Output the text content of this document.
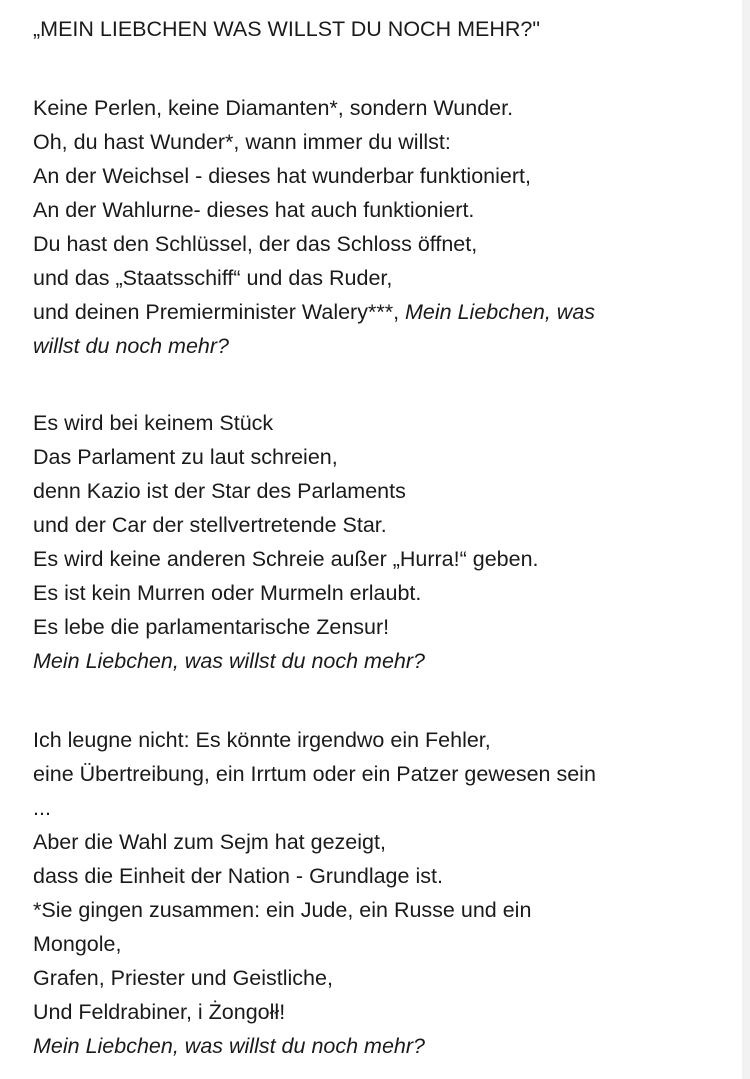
„MEIN LIEBCHEN WAS WILLST DU NOCH MEHR?"
Keine Perlen, keine Diamanten*, sondern Wunder.
Oh, du hast Wunder*, wann immer du willst:
An der Weichsel - dieses hat wunderbar funktioniert,
An der Wahlurne- dieses hat auch funktioniert.
Du hast den Schlüssel, der das Schloss öffnet,
und das „Staatsschiff“ und das Ruder,
und deinen Premierminister Walery***, Mein Liebchen, was
willst du noch mehr?
Es wird bei keinem Stück
Das Parlament zu laut schreien,
denn Kazio ist der Star des Parlaments
und der Car der stellvertretende Star.
Es wird keine anderen Schreie außer „Hurra!“ geben.
Es ist kein Murren oder Murmeln erlaubt.
Es lebe die parlamentarische Zensur!
Mein Liebchen, was willst du noch mehr?
Ich leugne nicht: Es könnte irgendwo ein Fehler,
eine Übertreibung, ein Irrtum oder ein Patzer gewesen sein
...
Aber die Wahl zum Sejm hat gezeigt,
dass die Einheit der Nation - Grundlage ist.
*Sie gingen zusammen: ein Jude, ein Russe und ein
Mongole,
Grafen, Priester und Geistliche,
Und Feldrabiner, i Żongołł!
Mein Liebchen, was willst du noch mehr?
